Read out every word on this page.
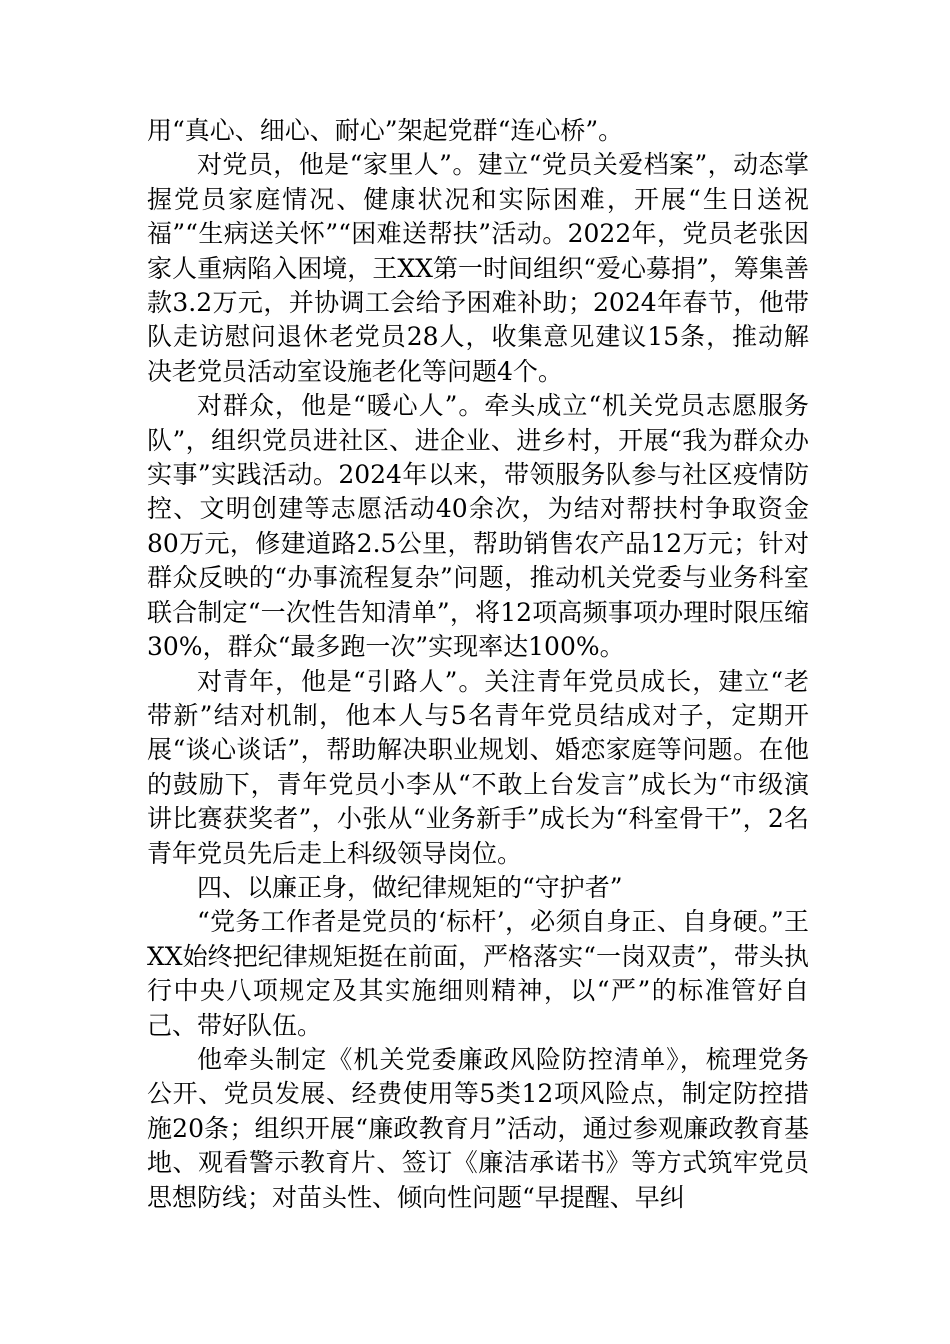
用“真心、细心、耐心”架起党群“连心桥”。

对党员，他是“家里人”。建立“党员关爱档案”，动态掌握党员家庭情况、健康状况和实际困难，开展“生日送祝福”“生病送关怀”“困难送帮扶”活动。2022年，党员老张因家人重病陷入困境，王XX第一时间组织“爱心募捐”，筹集善款3.2万元，并协调工会给予困难补助；2024年春节，他带队走访慰问退休老党员28人，收集意见建议15条，推动解决老党员活动室设施老化等问题4个。

对群众，他是“暖心人”。牵头成立“机关党员志愿服务队”，组织党员进社区、进企业、进乡村，开展“我为群众办实事”实践活动。2024年以来，带领服务队参与社区疫情防控、文明创建等志愿活动40余次，为结对帮扶村争取资金80万元，修建道路2.5公里，帮助销售农产品12万元；针对群众反映的“办事流程复杂”问题，推动机关党委与业务科室联合制定“一次性告知清单”，将12项高频事项办理时限压缩30%，群众“最多跑一次”实现率达100%。

对青年，他是“引路人”。关注青年党员成长，建立“老带新”结对机制，他本人与5名青年党员结成对子，定期开展“谈心谈话”，帮助解决职业规划、婚恋家庭等问题。在他的鼓励下，青年党员小李从“不敢上台发言”成长为“市级演讲比赛获奖者”，小张从“业务新手”成长为“科室骨干”，2名青年党员先后走上科级领导岗位。

四、以廉正身，做纪律规矩的“守护者”

“党务工作者是党员的‘标杆’，必须自身正、自身硬。”王XX始终把纪律规矩挺在前面，严格落实“一岗双责”，带头执行中央八项规定及其实施细则精神，以“严”的标准管好自己、带好队伍。

他牵头制定《机关党委廉政风险防控清单》，梳理党务公开、党员发展、经费使用等5类12项风险点，制定防控措施20条；组织开展“廉政教育月”活动，通过参观廉政教育基地、观看警示教育片、签订《廉洁承诺书》等方式筑牢党员思想防线；对苗头性、倾向性问题“早提醒、早纠
